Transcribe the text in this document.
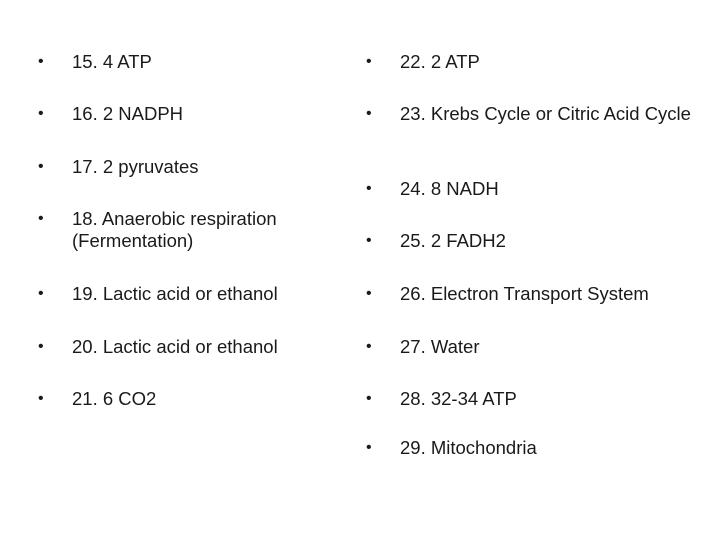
•	15. 4 ATP
•	16. 2 NADPH
•	17. 2 pyruvates
•	18. Anaerobic respiration (Fermentation)
•	19. Lactic acid or ethanol
•	20. Lactic acid or ethanol
•	21. 6 CO2
•	22. 2 ATP
•	23. Krebs Cycle or Citric Acid Cycle
•	24. 8 NADH
•	25. 2 FADH2
•	26. Electron Transport System
•	27. Water
•	28. 32-34 ATP
•	29. Mitochondria
